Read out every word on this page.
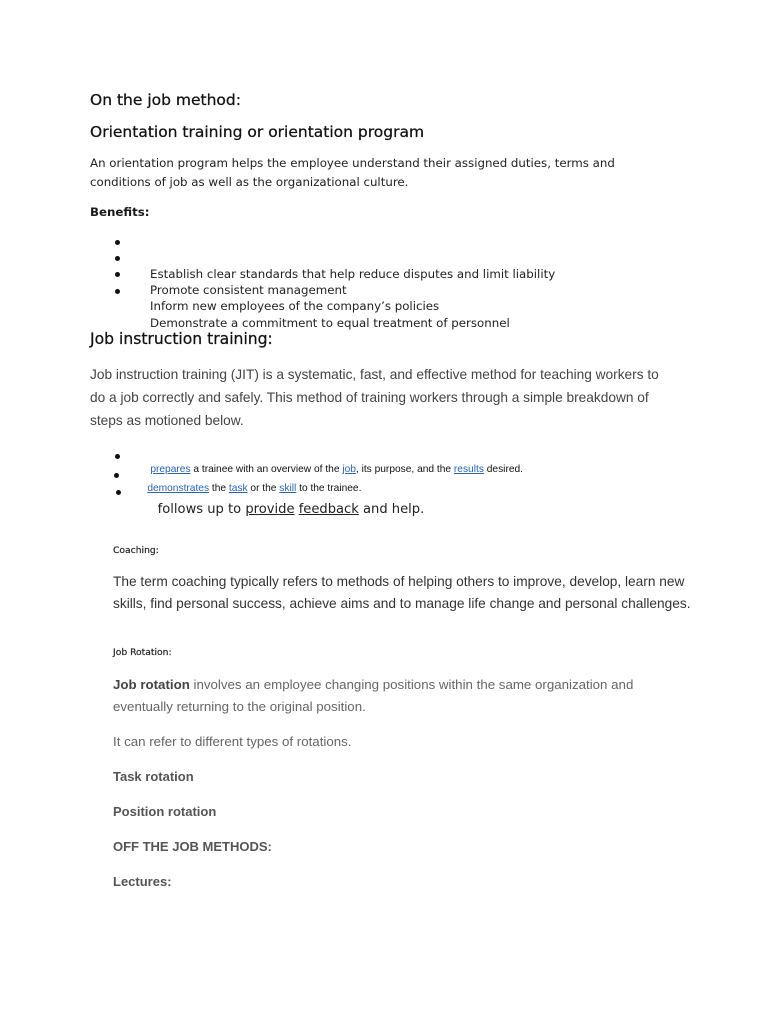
On the job method:
Orientation training or orientation program
An orientation program helps the employee understand their assigned duties, terms and
conditions of job as well as the organizational culture.
Benefits:

Establish clear standards that help reduce disputes and limit liability

Promote consistent management

Inform new employees of the company’s policies

Demonstrate a commitment to equal treatment of personnel

Job instruction training:
Job instruction training (JIT) is a systematic, fast, and effective method for teaching workers to
do a job correctly and safely. This method of training workers through a simple breakdown of
steps as motioned below.

prepares a trainee with an overview of the job, its purpose, and the results desired.

demonstrates the task or the skill to the trainee.

follows up to provide feedback and help.

Coaching:
The term coaching typically refers to methods of helping others to improve, develop, learn new
skills, find personal success, achieve aims and to manage life change and personal challenges.
Job Rotation:
Job rotation involves an employee changing positions within the same organization and
eventually returning to the original position.
It can refer to different types of rotations.
Task rotation
Position rotation
OFF THE JOB METHODS:
Lectures:
